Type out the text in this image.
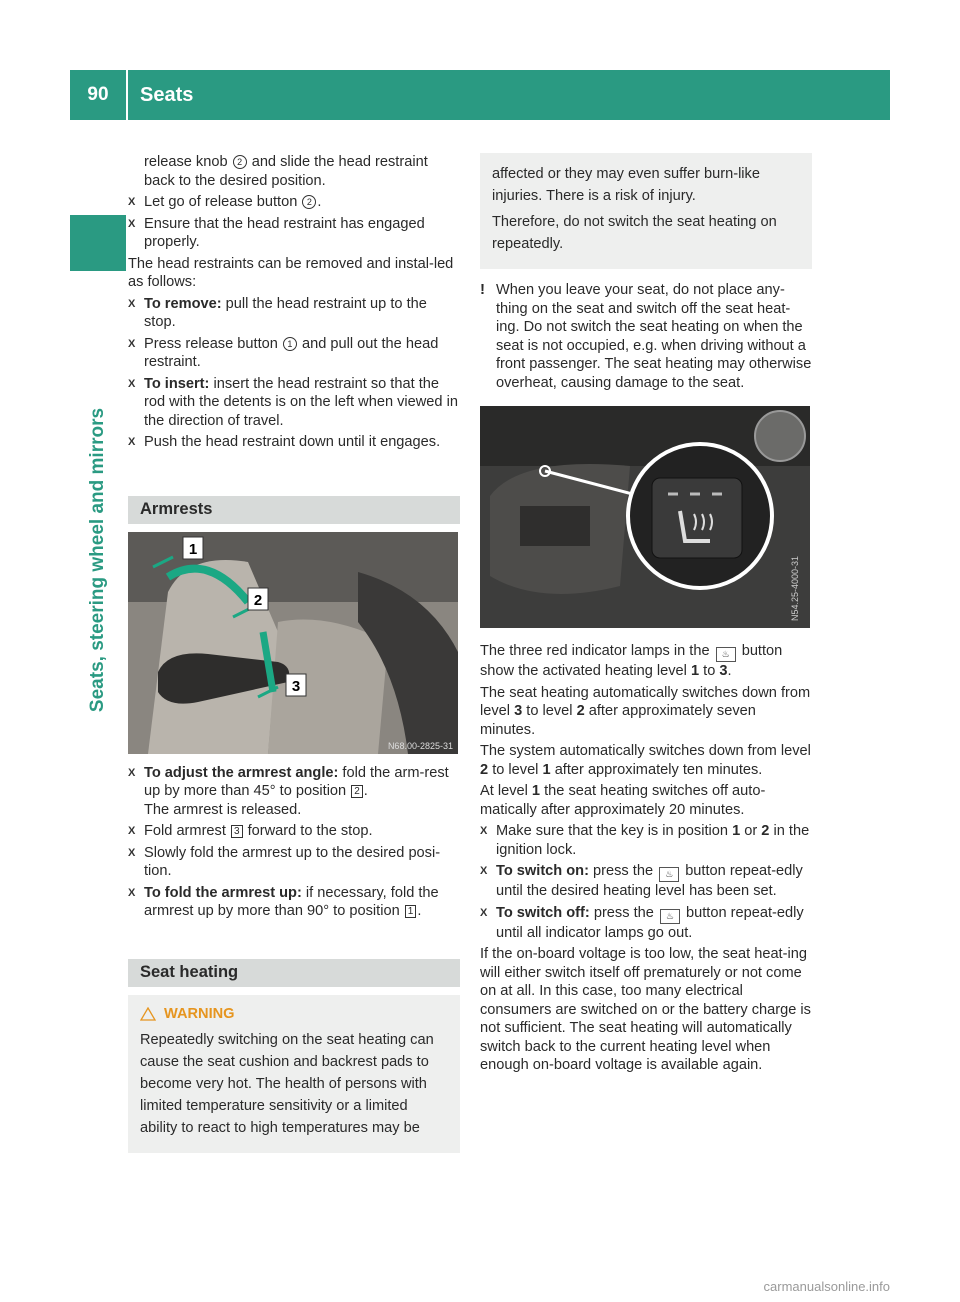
90	Seats
Seats, steering wheel and mirrors

release knob 2 and slide the head restraint back to the desired position.

X Let go of release button 2 .
X Ensure that the head restraint has engaged properly.

The head restraints can be removed and instal-led as follows:

X To remove: pull the head restraint up to the stop.
X Press release button 1 and pull out the head restraint.
X To insert: insert the head restraint so that the rod with the detents is on the left when viewed in the direction of travel.
X Push the head restraint down until it engages.
Armrests
1
2
3
N68.00-2825-31
X To adjust the armrest angle: fold the arm-rest up by more than 45° to position 2 .
The armrest is released.
X Fold armrest 3 forward to the stop.
X Slowly fold the armrest up to the desired posi-tion.
X To fold the armrest up: if necessary, fold the armrest up by more than 90° to position 1 .
Seat heating
WARNING

Repeatedly switching on the seat heating can cause the seat cushion and backrest pads to become very hot. The health of persons with limited temperature sensitivity or a limited ability to react to high temperatures may be

affected or they may even suffer burn-like injuries. There is a risk of injury.

Therefore, do not switch the seat heating on repeatedly.

! When you leave your seat, do not place any-thing on the seat and switch off the seat heat-ing. Do not switch the seat heating on when the seat is not occupied, e.g. when driving without a front passenger. The seat heating may otherwise overheat, causing damage to the seat.
N54.25-4000-31

The three red indicator lamps in the ♨ button show the activated heating level 1 to 3.

The seat heating automatically switches down from level 3 to level 2 after approximately seven minutes.

The system automatically switches down from level 2 to level 1 after approximately ten minutes.

At level 1 the seat heating switches off auto-matically after approximately 20 minutes.

X Make sure that the key is in position 1 or 2 in the ignition lock.
X To switch on: press the ♨ button repeat-edly until the desired heating level has been set.
X To switch off: press the ♨ button repeat-edly until all indicator lamps go out.

If the on-board voltage is too low, the seat heat-ing will either switch itself off prematurely or not come on at all. In this case, too many electrical consumers are switched on or the battery charge is not sufficient. The seat heating will automatically switch back to the current heating level when enough on-board voltage is available again.

carmanualsonline.info
